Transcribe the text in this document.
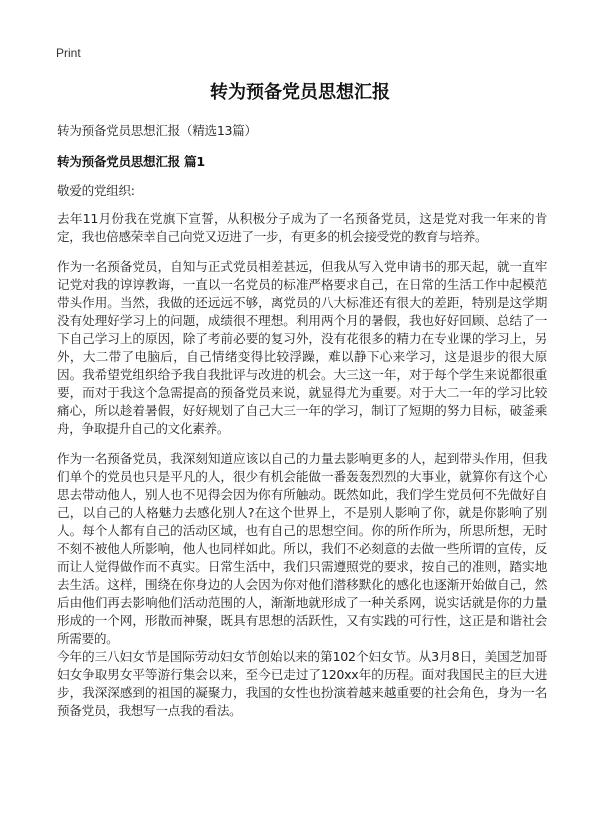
Print
转为预备党员思想汇报

转为预备党员思想汇报（精选13篇）

转为预备党员思想汇报 篇1

敬爱的党组织:

去年11月份我在党旗下宣誓，从积极分子成为了一名预备党员，这是党对我一年来的肯定，我也倍感荣幸自己向党又迈进了一步，有更多的机会接受党的教育与培养。

作为一名预备党员，自知与正式党员相差甚远，但我从写入党申请书的那天起，就一直牢记党对我的谆谆教诲，一直以一名党员的标准严格要求自己，在日常的生活工作中起模范带头作用。当然，我做的还远远不够，离党员的八大标准还有很大的差距，特别是这学期没有处理好学习上的问题，成绩很不理想。利用两个月的暑假，我也好好回顾、总结了一下自己学习上的原因，除了考前必要的复习外，没有花很多的精力在专业课的学习上，另外，大二带了电脑后，自己情绪变得比较浮躁，难以静下心来学习，这是退步的很大原因。我希望党组织给予我自我批评与改进的机会。大三这一年，对于每个学生来说都很重要，而对于我这个急需提高的预备党员来说，就显得尤为重要。对于大二一年的学习比较痛心，所以趁着暑假，好好规划了自己大三一年的学习，制订了短期的努力目标，破釜乘舟，争取提升自己的文化素养。

作为一名预备党员，我深刻知道应该以自己的力量去影响更多的人，起到带头作用，但我们单个的党员也只是平凡的人，很少有机会能做一番轰轰烈烈的大事业，就算你有这个心思去带动他人，别人也不见得会因为你有所触动。既然如此，我们学生党员何不先做好自己，以自己的人格魅力去感化别人?在这个世界上，不是别人影响了你，就是你影响了别人。每个人都有自己的活动区域，也有自己的思想空间。你的所作所为，所思所想，无时不刻不被他人所影响，他人也同样如此。所以，我们不必刻意的去做一些所谓的宣传，反而让人觉得做作而不真实。日常生活中，我们只需遵照党的要求，按自己的准则，踏实地去生活。这样，围绕在你身边的人会因为你对他们潜移默化的感化也逐渐开始做自己，然后由他们再去影响他们活动范围的人，渐渐地就形成了一种关系网，说实话就是你的力量形成的一个网，形散而神聚，既具有思想的活跃性，又有实践的可行性，这正是和谐社会所需要的。

今年的三八妇女节是国际劳动妇女节创始以来的第102个妇女节。从3月8日，美国芝加哥妇女争取男女平等游行集会以来，至今已走过了120xx年的历程。面对我国民主的巨大进步，我深深感到的祖国的凝聚力，我国的女性也扮演着越来越重要的社会角色，身为一名预备党员，我想写一点我的看法。
